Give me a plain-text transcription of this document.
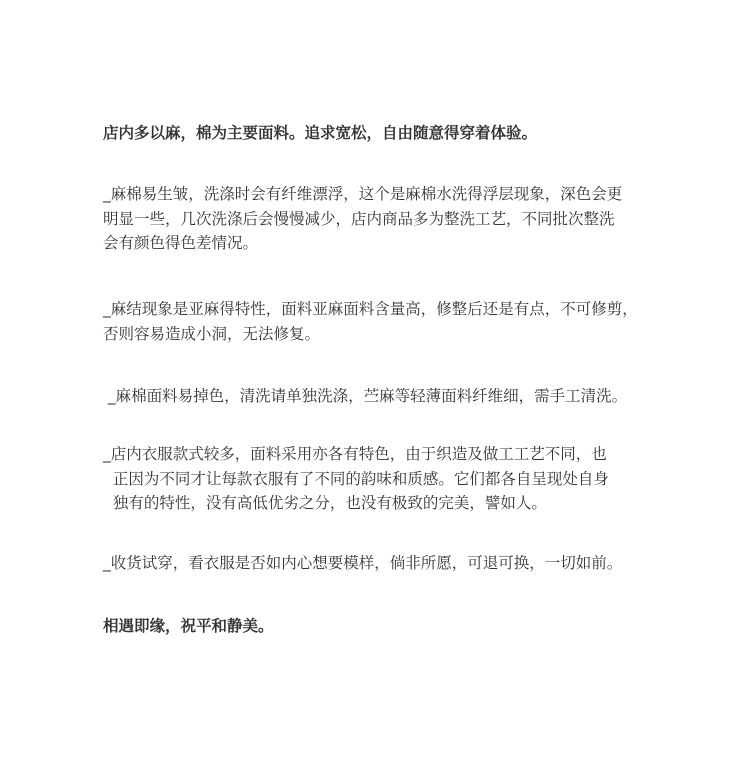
店内多以麻，棉为主要面料。追求宽松，自由随意得穿着体验。

_麻棉易生皱，洗涤时会有纤维漂浮，这个是麻棉水洗得浮层现象，深色会更
明显一些，几次洗涤后会慢慢减少，店内商品多为整洗工艺，不同批次整洗
会有颜色得色差情况。

_麻结现象是亚麻得特性，面料亚麻面料含量高，修整后还是有点，不可修剪，
否则容易造成小洞，无法修复。

_麻棉面料易掉色，清洗请单独洗涤，苎麻等轻薄面料纤维细，需手工清洗。

_店内衣服款式较多，面料采用亦各有特色，由于织造及做工工艺不同，也
正因为不同才让每款衣服有了不同的韵味和质感。它们都各自呈现处自身
独有的特性，没有高低优劣之分，也没有极致的完美，譬如人。

_收货试穿，看衣服是否如内心想要模样，倘非所愿，可退可换，一切如前。

相遇即缘，祝平和静美。
